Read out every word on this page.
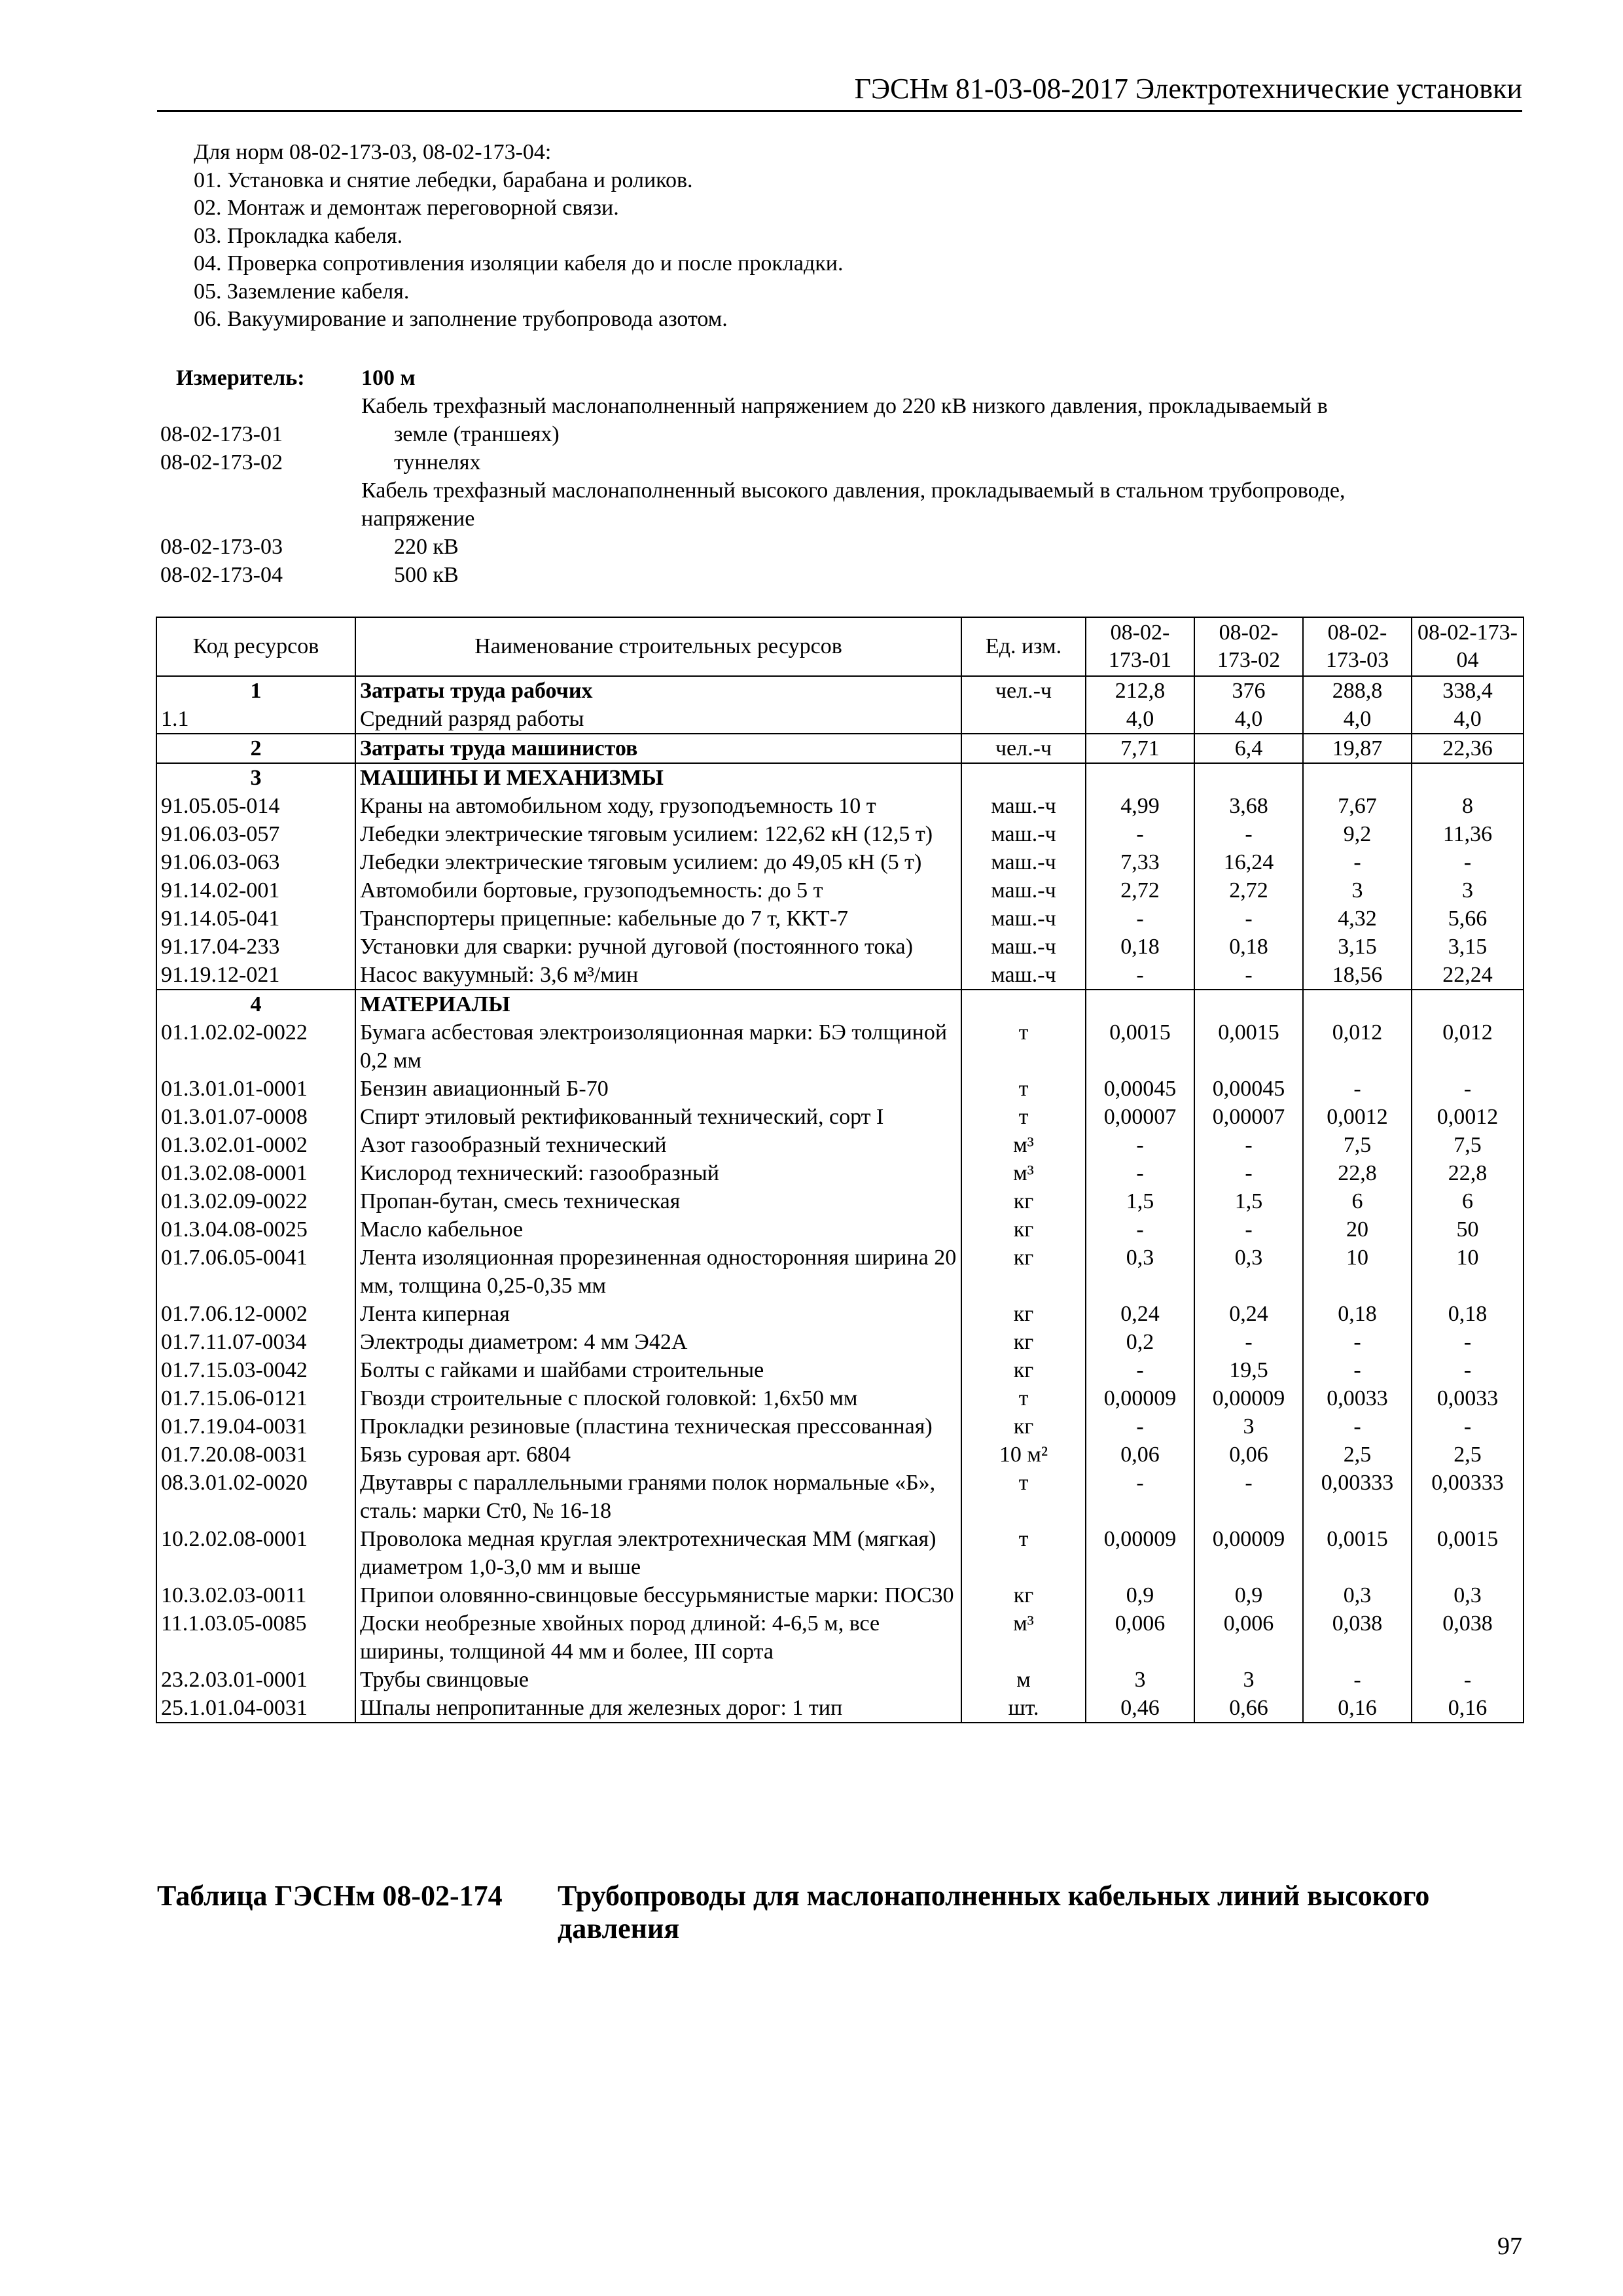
ГЭСНм 81-03-08-2017 Электротехнические установки
Для норм 08-02-173-03, 08-02-173-04:
01. Установка и снятие лебедки, барабана и роликов.
02. Монтаж и демонтаж переговорной связи.
03. Прокладка кабеля.
04. Проверка сопротивления изоляции кабеля до и после прокладки.
05. Заземление кабеля.
06. Вакуумирование и заполнение трубопровода азотом.
Измеритель:	100 м
Кабель трехфазный маслонаполненный напряжением до 220 кВ низкого давления, прокладываемый в
08-02-173-01	земле (траншеях)
08-02-173-02	туннелях
Кабель трехфазный маслонаполненный высокого давления, прокладываемый в стальном трубопроводе,
напряжение
08-02-173-03	220 кВ
08-02-173-04	500 кВ
Код ресурсов	Наименование строительных ресурсов	Ед. изм.	08-02-173-01	08-02-173-02	08-02-173-03	08-02-173-04
1	Затраты труда рабочих	чел.-ч	212,8	376	288,8	338,4
1.1	Средний разряд работы		4,0	4,0	4,0	4,0
2	Затраты труда машинистов	чел.-ч	7,71	6,4	19,87	22,36
3	МАШИНЫ И МЕХАНИЗМЫ					
91.05.05-014	Краны на автомобильном ходу, грузоподъемность 10 т	маш.-ч	4,99	3,68	7,67	8
91.06.03-057	Лебедки электрические тяговым усилием: 122,62 кН (12,5 т)	маш.-ч	-	-	9,2	11,36
91.06.03-063	Лебедки электрические тяговым усилием: до 49,05 кН (5 т)	маш.-ч	7,33	16,24	-	-
91.14.02-001	Автомобили бортовые, грузоподъемность: до 5 т	маш.-ч	2,72	2,72	3	3
91.14.05-041	Транспортеры прицепные: кабельные до 7 т, ККТ-7	маш.-ч	-	-	4,32	5,66
91.17.04-233	Установки для сварки: ручной дуговой (постоянного тока)	маш.-ч	0,18	0,18	3,15	3,15
91.19.12-021	Насос вакуумный: 3,6 м³/мин	маш.-ч	-	-	18,56	22,24
4	МАТЕРИАЛЫ					
01.1.02.02-0022	Бумага асбестовая электроизоляционная марки: БЭ толщиной 0,2 мм	т	0,0015	0,0015	0,012	0,012
01.3.01.01-0001	Бензин авиационный Б-70	т	0,00045	0,00045	-	-
01.3.01.07-0008	Спирт этиловый ректификованный технический, сорт I	т	0,00007	0,00007	0,0012	0,0012
01.3.02.01-0002	Азот газообразный технический	м³	-	-	7,5	7,5
01.3.02.08-0001	Кислород технический: газообразный	м³	-	-	22,8	22,8
01.3.02.09-0022	Пропан-бутан, смесь техническая	кг	1,5	1,5	6	6
01.3.04.08-0025	Масло кабельное	кг	-	-	20	50
01.7.06.05-0041	Лента изоляционная прорезиненная односторонняя ширина 20 мм, толщина 0,25-0,35 мм	кг	0,3	0,3	10	10
01.7.06.12-0002	Лента киперная	кг	0,24	0,24	0,18	0,18
01.7.11.07-0034	Электроды диаметром: 4 мм Э42А	кг	0,2	-	-	-
01.7.15.03-0042	Болты с гайками и шайбами строительные	кг	-	19,5	-	-
01.7.15.06-0121	Гвозди строительные с плоской головкой: 1,6x50 мм	т	0,00009	0,00009	0,0033	0,0033
01.7.19.04-0031	Прокладки резиновые (пластина техническая прессованная)	кг	-	3	-	-
01.7.20.08-0031	Бязь суровая арт. 6804	10 м²	0,06	0,06	2,5	2,5
08.3.01.02-0020	Двутавры с параллельными гранями полок нормальные «Б», сталь: марки Ст0, № 16-18	т	-	-	0,00333	0,00333
10.2.02.08-0001	Проволока медная круглая электротехническая ММ (мягкая) диаметром 1,0-3,0 мм и выше	т	0,00009	0,00009	0,0015	0,0015
10.3.02.03-0011	Припои оловянно-свинцовые бессурьмянистые марки: ПОС30	кг	0,9	0,9	0,3	0,3
11.1.03.05-0085	Доски необрезные хвойных пород длиной: 4-6,5 м, все ширины, толщиной 44 мм и более, III сорта	м³	0,006	0,006	0,038	0,038
23.2.03.01-0001	Трубы свинцовые	м	3	3	-	-
25.1.01.04-0031	Шпалы непропитанные для железных дорог: 1 тип	шт.	0,46	0,66	0,16	0,16
Таблица ГЭСНм 08-02-174 Трубопроводы для маслонаполненных кабельных линий высокого давления
97
